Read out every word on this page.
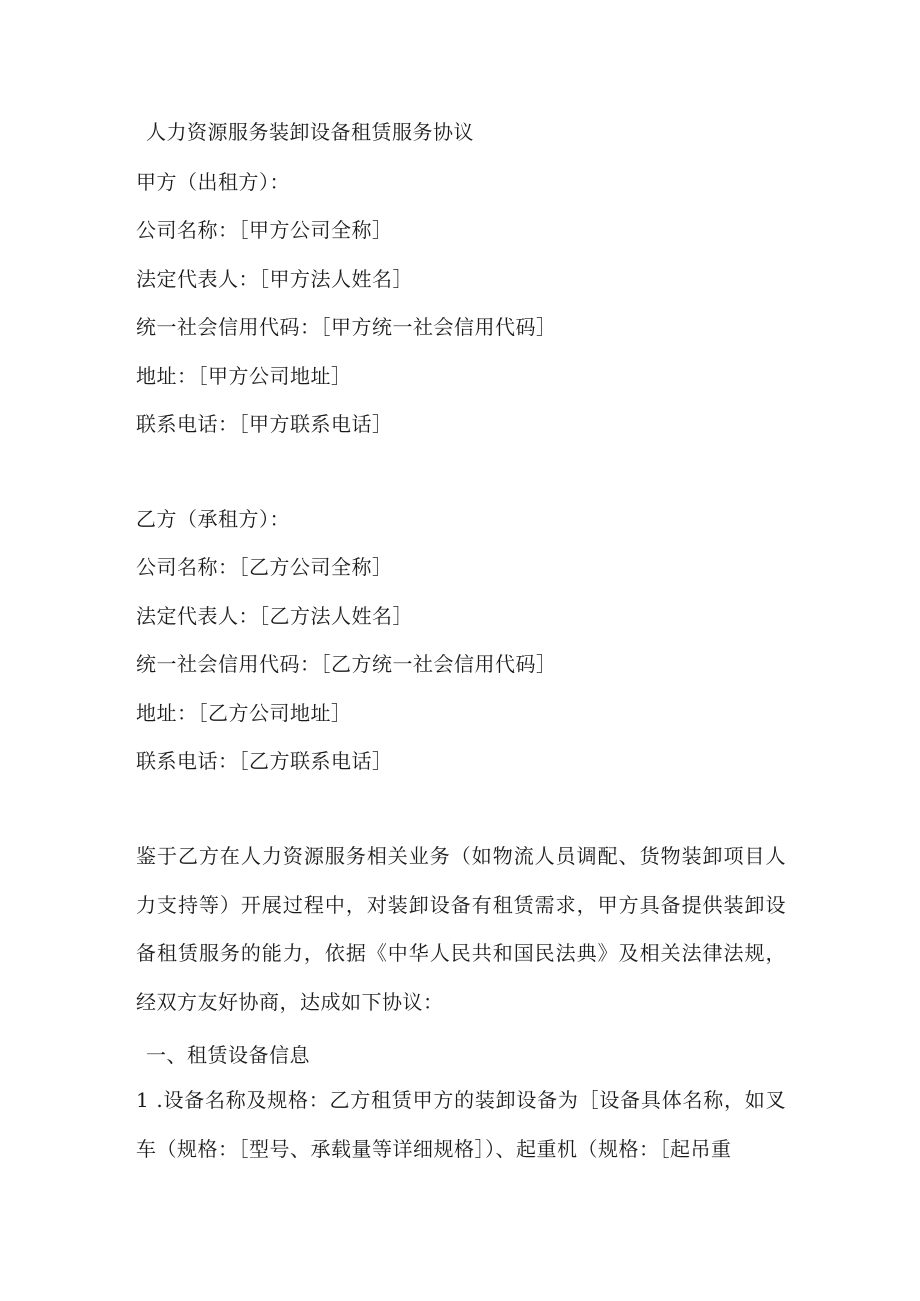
人力资源服务装卸设备租赁服务协议
甲方（出租方）：
公司名称：［甲方公司全称］
法定代表人：［甲方法人姓名］
统一社会信用代码：［甲方统一社会信用代码］
地址：［甲方公司地址］
联系电话：［甲方联系电话］
乙方（承租方）：
公司名称：［乙方公司全称］
法定代表人：［乙方法人姓名］
统一社会信用代码：［乙方统一社会信用代码］
地址：［乙方公司地址］
联系电话：［乙方联系电话］
鉴于乙方在人力资源服务相关业务（如物流人员调配、货物装卸项目人力支持等）开展过程中，对装卸设备有租赁需求，甲方具备提供装卸设备租赁服务的能力，依据《中华人民共和国民法典》及相关法律法规，经双方友好协商，达成如下协议：
一、租赁设备信息
1 .设备名称及规格：乙方租赁甲方的装卸设备为［设备具体名称，如叉车（规格：［型号、承载量等详细规格］）、起重机（规格：［起吊重
